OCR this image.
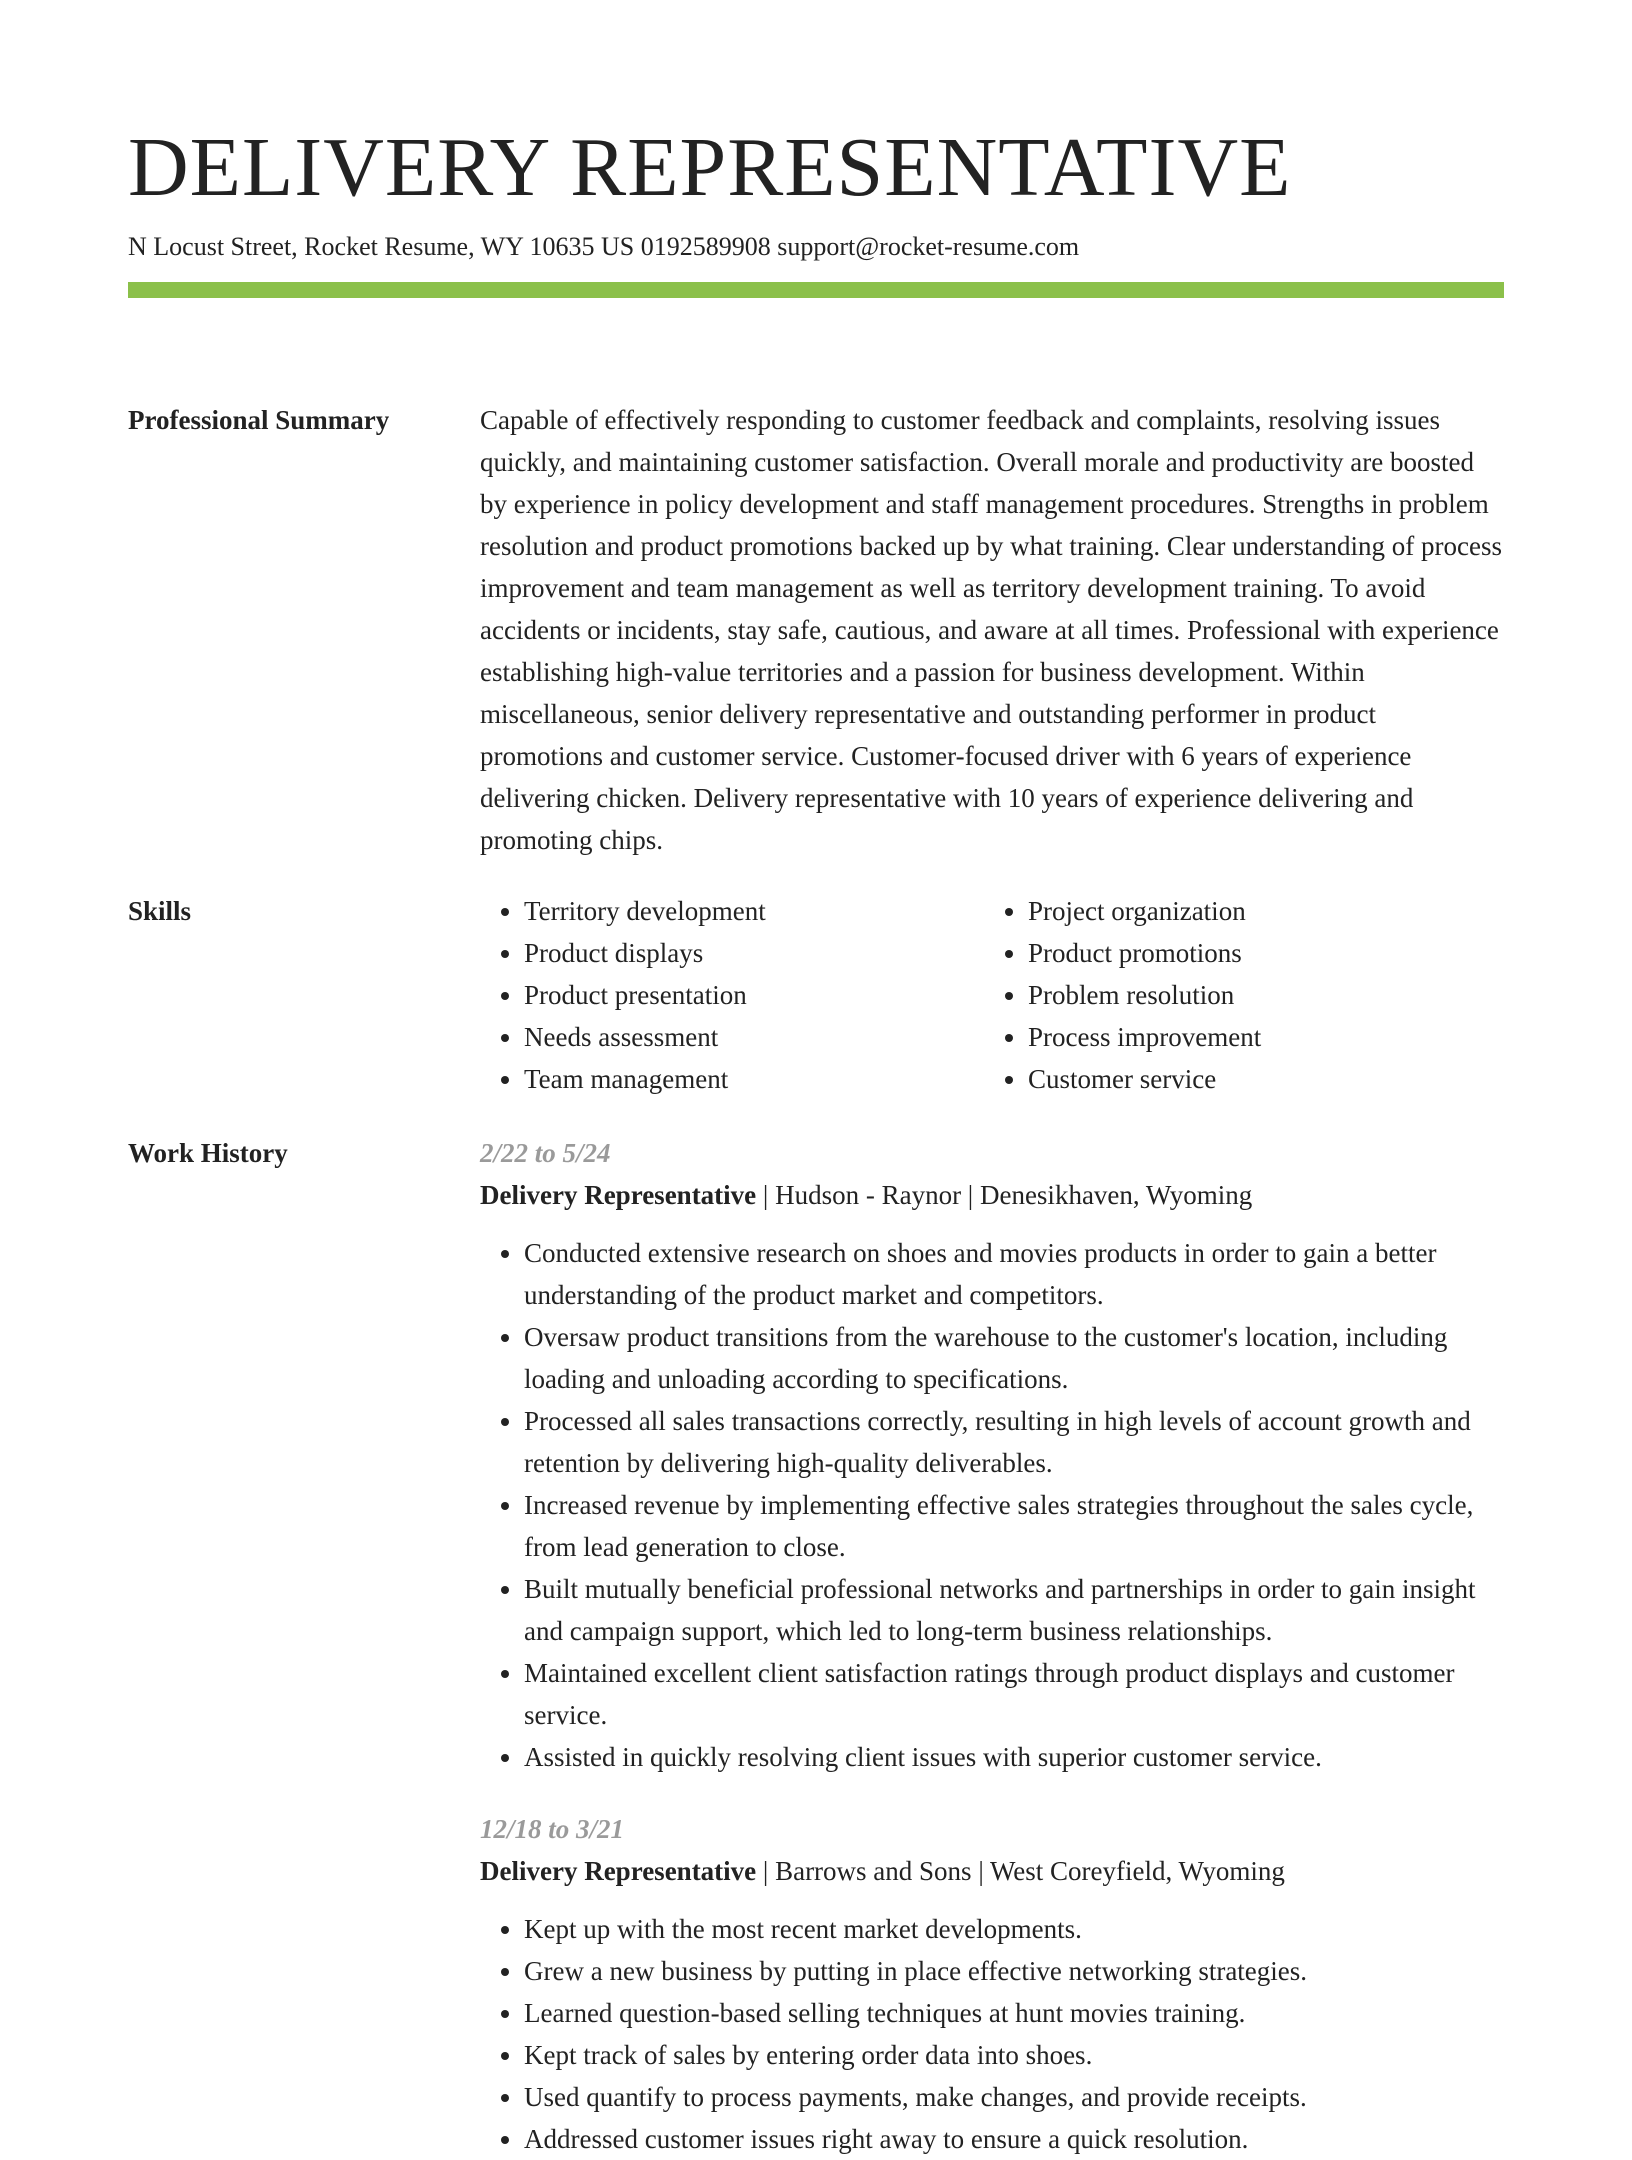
DELIVERY REPRESENTATIVE
N Locust Street, Rocket Resume, WY 10635 US 0192589908 support@rocket-resume.com
Professional Summary	Capable of effectively responding to customer feedback and complaints, resolving issues quickly, and maintaining customer satisfaction. Overall morale and productivity are boosted by experience in policy development and staff management procedures. Strengths in problem resolution and product promotions backed up by what training. Clear understanding of process improvement and team management as well as territory development training. To avoid accidents or incidents, stay safe, cautious, and aware at all times. Professional with experience establishing high-value territories and a passion for business development. Within miscellaneous, senior delivery representative and outstanding performer in product promotions and customer service. Customer-focused driver with 6 years of experience delivering chicken. Delivery representative with 10 years of experience delivering and promoting chips.

Skills
•	Territory development
• Product displays
• Product presentation
• Needs assessment
• Team management
• Project organization
• Product promotions
• Problem resolution
• Process improvement
• Customer service
Work History	2/22 to 5/24
Delivery Representative | Hudson - Raynor | Denesikhaven, Wyoming
• Conducted extensive research on shoes and movies products in order to gain a better understanding of the product market and competitors.
• Oversaw product transitions from the warehouse to the customer's location, including loading and unloading according to specifications.
• Processed all sales transactions correctly, resulting in high levels of account growth and retention by delivering high-quality deliverables.
• Increased revenue by implementing effective sales strategies throughout the sales cycle, from lead generation to close.
• Built mutually beneficial professional networks and partnerships in order to gain insight and campaign support, which led to long-term business relationships.
• Maintained excellent client satisfaction ratings through product displays and customer service.
• Assisted in quickly resolving client issues with superior customer service.
12/18 to 3/21
Delivery Representative | Barrows and Sons | West Coreyfield, Wyoming
• Kept up with the most recent market developments.
• Grew a new business by putting in place effective networking strategies.
• Learned question-based selling techniques at hunt movies training.
• Kept track of sales by entering order data into shoes.
• Used quantify to process payments, make changes, and provide receipts.
• Addressed customer issues right away to ensure a quick resolution.
